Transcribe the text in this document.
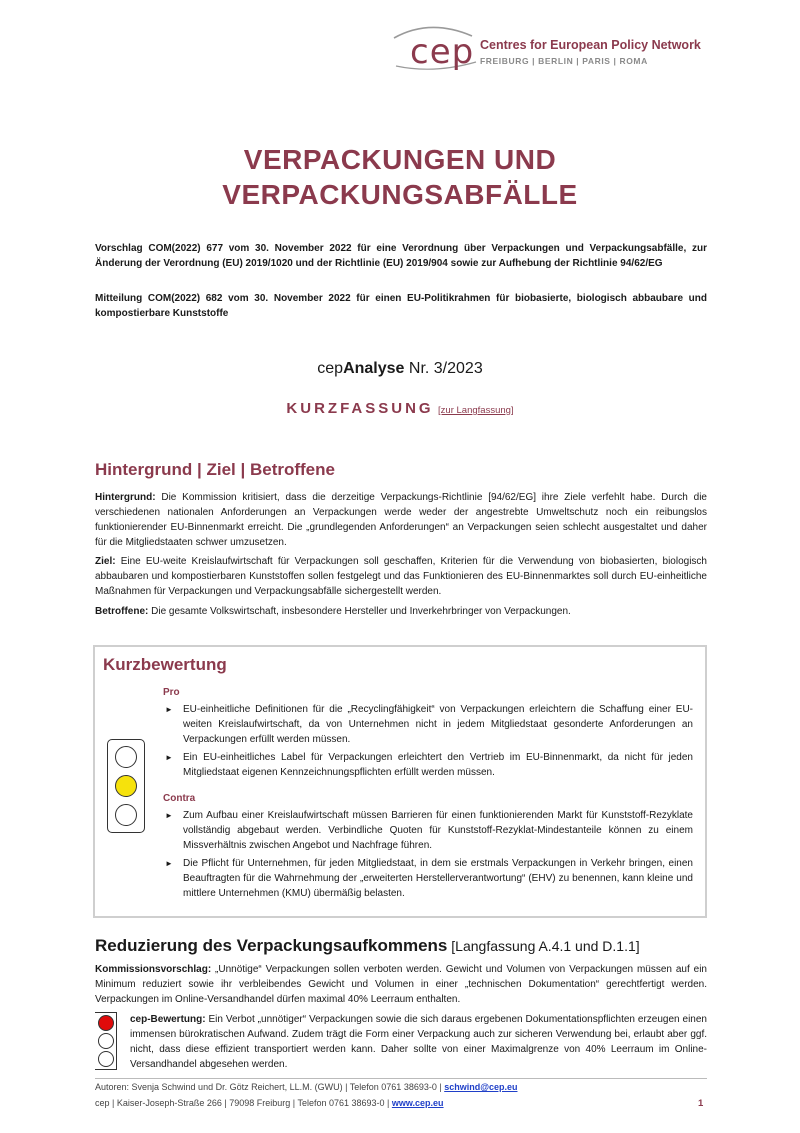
cep Centres for European Policy Network
FREIBURG | BERLIN | PARIS | ROMA
VERPACKUNGEN UND
VERPACKUNGSABFÄLLE
Vorschlag COM(2022) 677 vom 30. November 2022 für eine Verordnung über Verpackungen und Verpackungsabfälle, zur Änderung der Verordnung (EU) 2019/1020 und der Richtlinie (EU) 2019/904 sowie zur Aufhebung der Richtlinie 94/62/EG
Mitteilung COM(2022) 682 vom 30. November 2022 für einen EU-Politikrahmen für biobasierte, biologisch abbaubare und kompostierbare Kunststoffe
cepAnalyse Nr. 3/2023
KURZFASSUNG [zur Langfassung]
Hintergrund | Ziel | Betroffene
Hintergrund: Die Kommission kritisiert, dass die derzeitige Verpackungs-Richtlinie [94/62/EG] ihre Ziele verfehlt habe. Durch die verschiedenen nationalen Anforderungen an Verpackungen werde weder der angestrebte Umweltschutz noch ein reibungslos funktionierender EU-Binnenmarkt erreicht. Die „grundlegenden Anforderungen“ an Verpackungen seien schlecht ausgestaltet und daher für die Mitgliedstaaten schwer umzusetzen.
Ziel: Eine EU-weite Kreislaufwirtschaft für Verpackungen soll geschaffen, Kriterien für die Verwendung von biobasierten, biologisch abbaubaren und kompostierbaren Kunststoffen sollen festgelegt und das Funktionieren des EU-Binnenmarktes soll durch EU-einheitliche Maßnahmen für Verpackungen und Verpackungsabfälle sichergestellt werden.
Betroffene: Die gesamte Volkswirtschaft, insbesondere Hersteller und Inverkehrbringer von Verpackungen.
Kurzbewertung
Pro
► EU-einheitliche Definitionen für die „Recyclingfähigkeit“ von Verpackungen erleichtern die Schaffung einer EU-weiten Kreislaufwirtschaft, da von Unternehmen nicht in jedem Mitgliedstaat gesonderte Anforderungen an Verpackungen erfüllt werden müssen.
► Ein EU-einheitliches Label für Verpackungen erleichtert den Vertrieb im EU-Binnenmarkt, da nicht für jeden Mitgliedstaat eigenen Kennzeichnungspflichten erfüllt werden müssen.
Contra
► Zum Aufbau einer Kreislaufwirtschaft müssen Barrieren für einen funktionierenden Markt für Kunststoff-Rezyklate vollständig abgebaut werden. Verbindliche Quoten für Kunststoff-Rezyklat-Mindestanteile können zu einem Missverhältnis zwischen Angebot und Nachfrage führen.
► Die Pflicht für Unternehmen, für jeden Mitgliedstaat, in dem sie erstmals Verpackungen in Verkehr bringen, einen Beauftragten für die Wahrnehmung der „erweiterten Herstellerverantwortung“ (EHV) zu benennen, kann kleine und mittlere Unternehmen (KMU) übermäßig belasten.
Reduzierung des Verpackungsaufkommens [Langfassung A.4.1 und D.1.1]
Kommissionsvorschlag: „Unnötige“ Verpackungen sollen verboten werden. Gewicht und Volumen von Verpackungen müssen auf ein Minimum reduziert sowie ihr verbleibendes Gewicht und Volumen in einer „technischen Dokumentation“ gerechtfertigt werden. Verpackungen im Online-Versandhandel dürfen maximal 40% Leerraum enthalten.
cep-Bewertung: Ein Verbot „unnötiger“ Verpackungen sowie die sich daraus ergebenen Dokumentationspflichten erzeugen einen immensen bürokratischen Aufwand. Zudem trägt die Form einer Verpackung auch zur sicheren Verwendung bei, erlaubt aber ggf. nicht, dass diese effizient transportiert werden kann. Daher sollte von einer Maximalgrenze von 40% Leerraum im Online-Versandhandel abgesehen werden.
Autoren: Svenja Schwind und Dr. Götz Reichert, LL.M. (GWU) | Telefon 0761 38693-0 | schwind@cep.eu
cep | Kaiser-Joseph-Straße 266 | 79098 Freiburg | Telefon 0761 38693-0 | www.cep.eu	1
